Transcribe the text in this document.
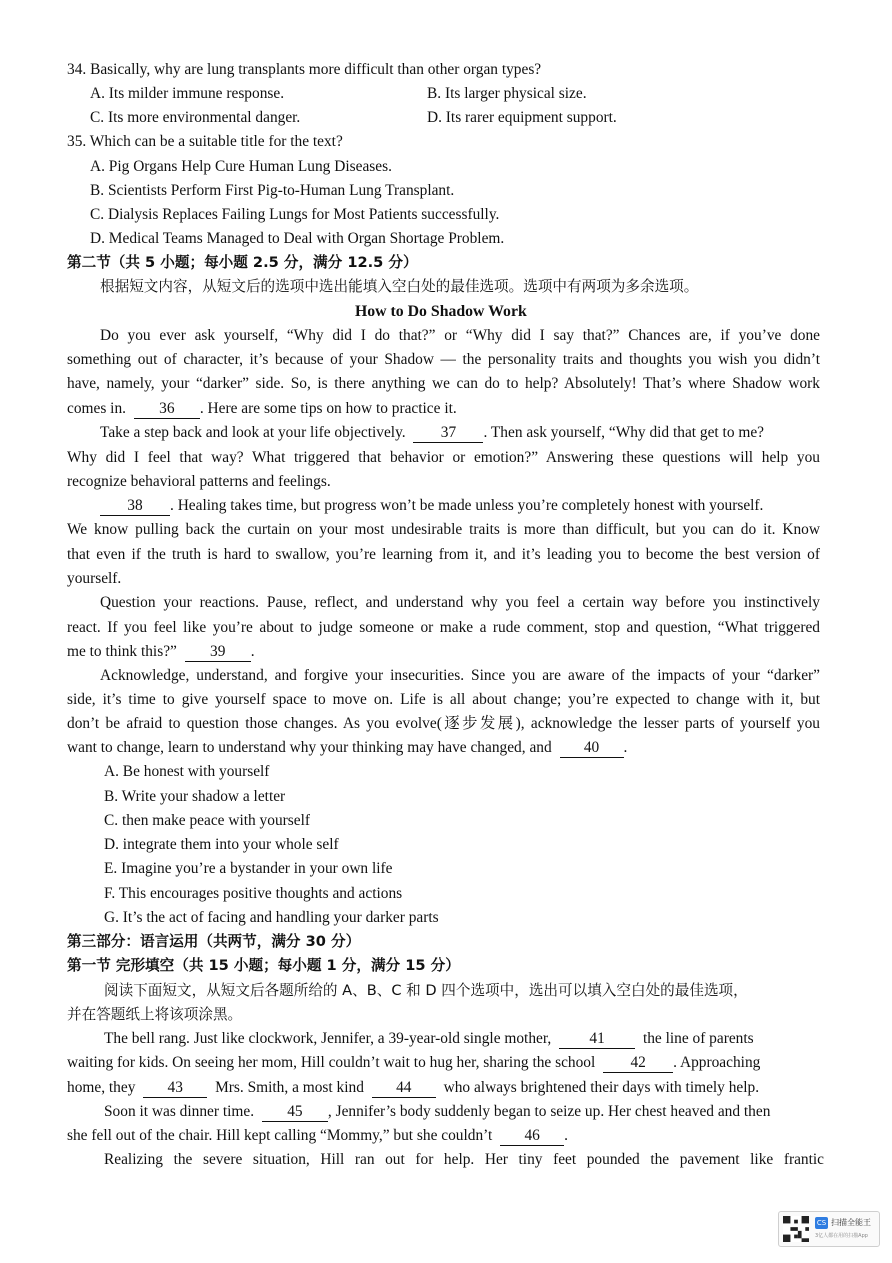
34. Basically, why are lung transplants more difficult than other organ types?
A. Its milder immune response.	B. Its larger physical size.
C. Its more environmental danger.	D. Its rarer equipment support.
35. Which can be a suitable title for the text?
A. Pig Organs Help Cure Human Lung Diseases.
B. Scientists Perform First Pig-to-Human Lung Transplant.
C. Dialysis Replaces Failing Lungs for Most Patients successfully.
D. Medical Teams Managed to Deal with Organ Shortage Problem.
第二节（共 5 小题；每小题 2.5 分，满分 12.5 分）
根据短文内容，从短文后的选项中选出能填入空白处的最佳选项。选项中有两项为多余选项。
How to Do Shadow Work
Do you ever ask yourself, “Why did I do that?” or “Why did I say that?” Chances are, if you’ve done
something out of character, it’s because of your Shadow — the personality traits and thoughts you wish you didn’t
have, namely, your “darker” side. So, is there anything we can do to help? Absolutely! That’s where Shadow work
comes in. 36 . Here are some tips on how to practice it.
Take a step back and look at your life objectively. 37 . Then ask yourself, “Why did that get to me?
Why did I feel that way? What triggered that behavior or emotion?” Answering these questions will help you
recognize behavioral patterns and feelings.
38 . Healing takes time, but progress won’t be made unless you’re completely honest with yourself.
We know pulling back the curtain on your most undesirable traits is more than difficult, but you can do it. Know
that even if the truth is hard to swallow, you’re learning from it, and it’s leading you to become the best version of
yourself.
Question your reactions. Pause, reflect, and understand why you feel a certain way before you instinctively
react. If you feel like you’re about to judge someone or make a rude comment, stop and question, “What triggered
me to think this?” 39 .
Acknowledge, understand, and forgive your insecurities. Since you are aware of the impacts of your “darker”
side, it’s time to give yourself space to move on. Life is all about change; you’re expected to change with it, but
don’t be afraid to question those changes. As you evolve(逐步发展), acknowledge the lesser parts of yourself you
want to change, learn to understand why your thinking may have changed, and 40 .
A. Be honest with yourself
B. Write your shadow a letter
C. then make peace with yourself
D. integrate them into your whole self
E. Imagine you’re a bystander in your own life
F. This encourages positive thoughts and actions
G. It’s the act of facing and handling your darker parts
第三部分：语言运用（共两节，满分 30 分）
第一节 完形填空（共 15 小题；每小题 1 分，满分 15 分）
阅读下面短文，从短文后各题所给的 A、B、C 和 D 四个选项中，选出可以填入空白处的最佳选项，
并在答题纸上将该项涂黑。
The bell rang. Just like clockwork, Jennifer, a 39-year-old single mother, 41 the line of parents
waiting for kids. On seeing her mom, Hill couldn’t wait to hug her, sharing the school 42 . Approaching
home, they 43 Mrs. Smith, a most kind 44 who always brightened their days with timely help.
Soon it was dinner time. 45 , Jennifer’s body suddenly began to seize up. Her chest heaved and then
she fell out of the chair. Hill kept calling “Mommy,” but she couldn’t 46 .
Realizing the severe situation, Hill ran out for help. Her tiny feet pounded the pavement like frantic
CS 扫描全能王
3亿人都在用的扫描App
